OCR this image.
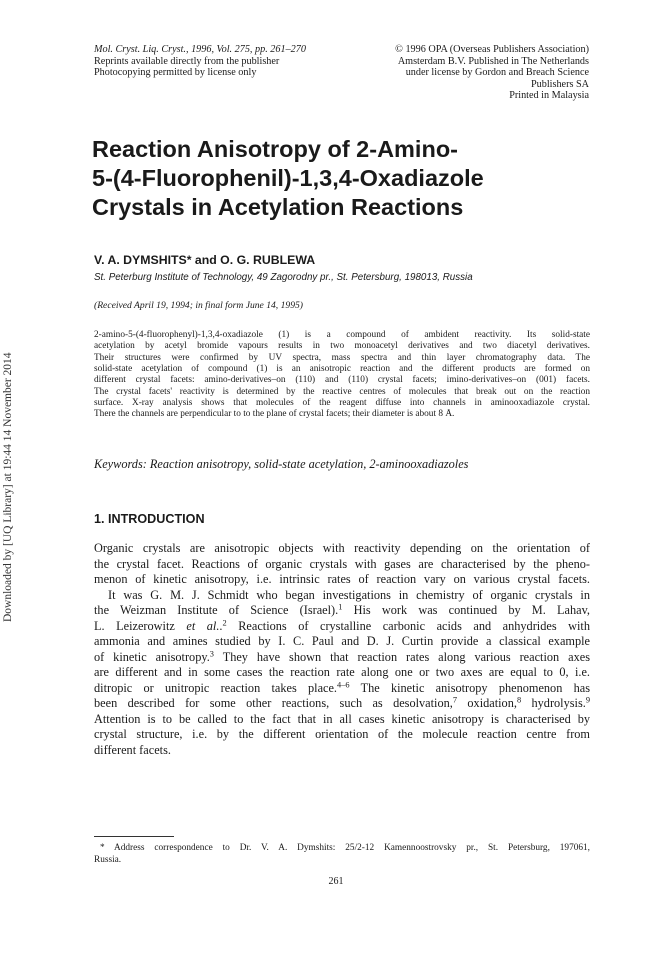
Downloaded by [UQ Library] at 19:44 14 November 2014
Mol. Cryst. Liq. Cryst., 1996, Vol. 275, pp. 261–270
Reprints available directly from the publisher
Photocopying permitted by license only
© 1996 OPA (Overseas Publishers Association)
Amsterdam B.V. Published in The Netherlands
under license by Gordon and Breach Science
Publishers SA
Printed in Malaysia
Reaction Anisotropy of 2-Amino-
5-(4-Fluorophenil)-1,3,4-Oxadiazole
Crystals in Acetylation Reactions
V. A. DYMSHITS* and O. G. RUBLEWA
St. Peterburg Institute of Technology, 49 Zagorodny pr., St. Petersburg, 198013, Russia
(Received April 19, 1994; in final form June 14, 1995)
2-amino-5-(4-fluorophenyl)-1,3,4-oxadiazole (1) is a compound of ambident reactivity. Its solid-state
acetylation by acetyl bromide vapours results in two monoacetyl derivatives and two diacetyl derivatives.
Their structures were confirmed by UV spectra, mass spectra and thin layer chromatography data. The
solid-state acetylation of compound (1) is an anisotropic reaction and the different products are formed on
different crystal facets: amino-derivatives–on (110) and (110) crystal facets; imino-derivatives–on (001) facets.
The crystal facets' reactivity is determined by the reactive centres of molecules that break out on the reaction
surface. X-ray analysis shows that molecules of the reagent diffuse into channels in aminooxadiazole crystal.
There the channels are perpendicular to to the plane of crystal facets; their diameter is about 8 Å.
Keywords: Reaction anisotropy, solid-state acetylation, 2-aminooxadiazoles
1. INTRODUCTION
Organic crystals are anisotropic objects with reactivity depending on the orientation of
the crystal facet. Reactions of organic crystals with gases are characterised by the pheno-
menon of kinetic anisotropy, i.e. intrinsic rates of reaction vary on various crystal facets.
It was G. M. J. Schmidt who began investigations in chemistry of organic crystals in
the Weizman Institute of Science (Israel).$^1$ His work was continued by M. Lahav,
L. Leizerowitz et al..$^2$ Reactions of crystalline carbonic acids and anhydrides with
ammonia and amines studied by I. C. Paul and D. J. Curtin provide a classical example
of kinetic anisotropy.$^3$ They have shown that reaction rates along various reaction axes
are different and in some cases the reaction rate along one or two axes are equal to 0, i.e.
ditropic or unitropic reaction takes place.$^{4-6}$ The kinetic anisotropy phenomenon has
been described for some other reactions, such as desolvation,$^7$ oxidation,$^8$ hydrolysis.$^9$
Attention is to be called to the fact that in all cases kinetic anisotropy is characterised by
crystal structure, i.e. by the different orientation of the molecule reaction centre from
different facets.
* Address correspondence to Dr. V. A. Dymshits: 25/2-12 Kamennoostrovsky pr., St. Petersburg, 197061,
Russia.
261
